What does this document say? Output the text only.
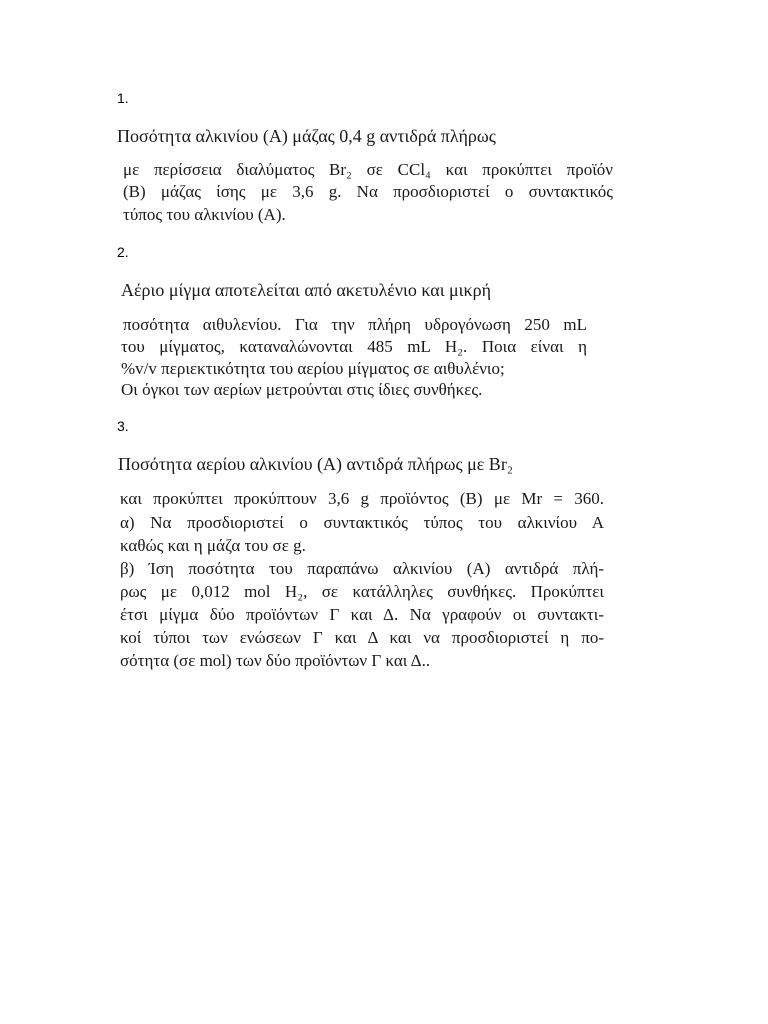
1.
Ποσότητα αλκινίου (Α) μάζας 0,4 g αντιδρά πλήρως
με περίσσεια διαλύματος Br₂ σε CCl₄ και προκύπτει προϊόν
(Β) μάζας ίσης με 3,6 g. Να προσδιοριστεί ο συντακτικός
τύπος του αλκινίου (Α).
2.
Αέριο μίγμα αποτελείται από ακετυλένιο και μικρή
ποσότητα αιθυλενίου. Για την πλήρη υδρογόνωση 250 mL
του μίγματος, καταναλώνονται 485 mL H₂. Ποια είναι η
%v/v περιεκτικότητα του αερίου μίγματος σε αιθυλένιο;
Οι όγκοι των αερίων μετρούνται στις ίδιες συνθήκες.
3.
Ποσότητα αερίου αλκινίου (Α) αντιδρά πλήρως με Br₂
και προκύπτει προκύπτουν 3,6 g προϊόντος (Β) με Mr = 360.
α) Να προσδιοριστεί ο συντακτικός τύπος του αλκινίου Α
καθώς και η μάζα του σε g.
β) Ίση ποσότητα του παραπάνω αλκινίου (Α) αντιδρά πλή-
ρως με 0,012 mol H₂, σε κατάλληλες συνθήκες. Προκύπτει
έτσι μίγμα δύο προϊόντων Γ και Δ. Να γραφούν οι συντακτι-
κοί τύποι των ενώσεων Γ και Δ και να προσδιοριστεί η πο-
σότητα (σε mol) των δύο προϊόντων Γ και Δ..
